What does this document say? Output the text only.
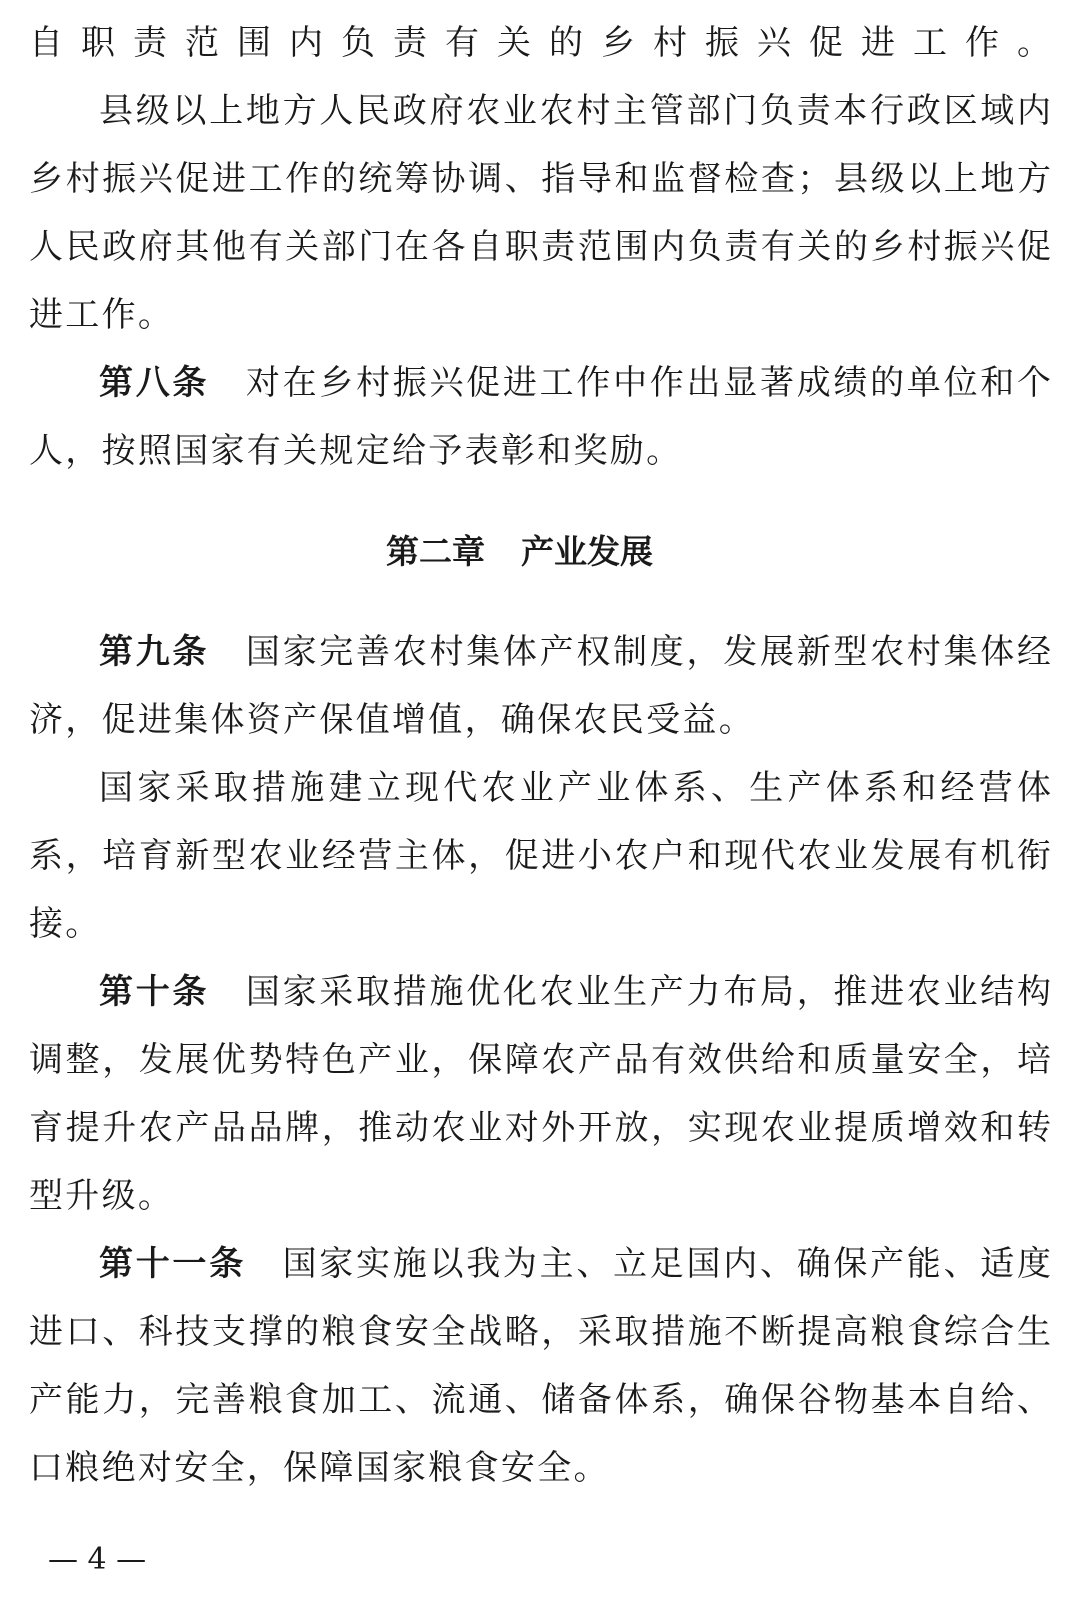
自 职 责 范 围 内 负 责 有 关 的 乡 村 振 兴 促 进 工 作 。
县 级 以 上 地 方 人 民 政 府 农 业 农 村 主 管 部 门 负 责 本 行 政 区 域 内
乡 村 振 兴 促 进 工 作 的 统 筹 协 调 、 指 导 和 监 督 检 查 ； 县 级 以 上 地 方
人 民 政 府 其 他 有 关 部 门 在 各 自 职 责 范 围 内 负 责 有 关 的 乡 村 振 兴 促
进 工 作 。
第 八 条
　 对 在 乡 村 振 兴 促 进 工 作 中 作 出 显 著 成 绩 的 单 位 和 个
人 ， 按 照 国 家 有 关 规 定 给 予 表 彰 和 奖 励 。
第二章 产业发展
第 九 条
　 国 家 完 善 农 村 集 体 产 权 制 度 ， 发 展 新 型 农 村 集 体 经
济 ， 促 进 集 体 资 产 保 值 增 值 ， 确 保 农 民 受 益 。
国 家 采 取 措 施 建 立 现 代 农 业 产 业 体 系 、 生 产 体 系 和 经 营 体
系 ， 培 育 新 型 农 业 经 营 主 体 ， 促 进 小 农 户 和 现 代 农 业 发 展 有 机 衔
接 。
第 十 条
　 国 家 采 取 措 施 优 化 农 业 生 产 力 布 局 ， 推 进 农 业 结 构
调 整 ， 发 展 优 势 特 色 产 业 ， 保 障 农 产 品 有 效 供 给 和 质 量 安 全 ， 培
育 提 升 农 产 品 品 牌 ， 推 动 农 业 对 外 开 放 ， 实 现 农 业 提 质 增 效 和 转
型 升 级 。
第 十 一 条
　 国 家 实 施 以 我 为 主 、 立 足 国 内 、 确 保 产 能 、 适 度
进 口 、 科 技 支 撑 的 粮 食 安 全 战 略 ， 采 取 措 施 不 断 提 高 粮 食 综 合 生
产 能 力 ， 完 善 粮 食 加 工 、 流 通 、 储 备 体 系 ， 确 保 谷 物 基 本 自 给 、
口 粮 绝 对 安 全 ， 保 障 国 家 粮 食 安 全 。
— 4 —
